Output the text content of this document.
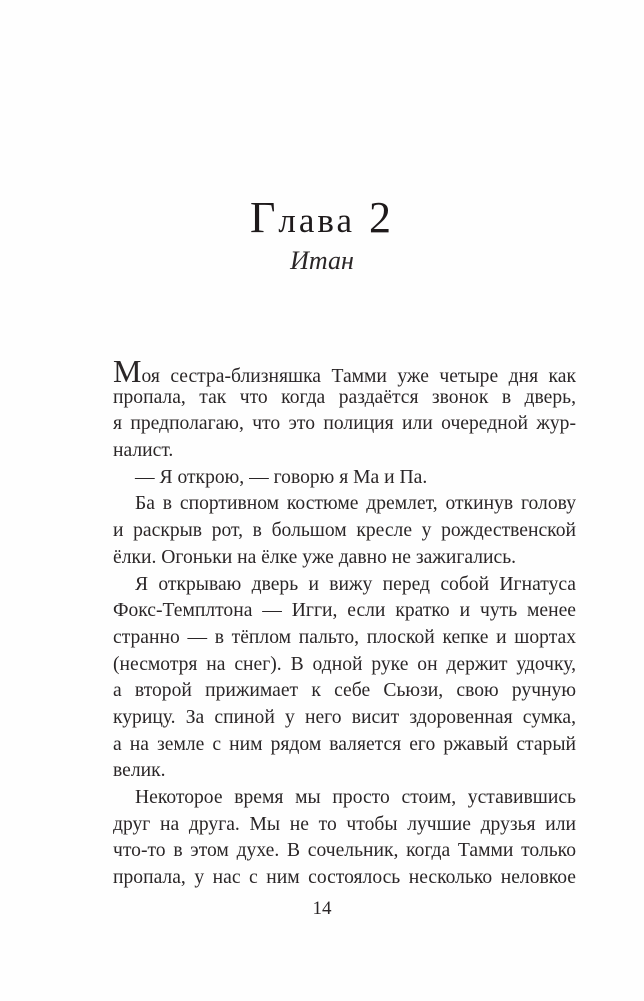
Глава 2
Итан
Моя сестра-близняшка Тамми уже четыре дня как
пропала, так что когда раздаётся звонок в дверь,
я предполагаю, что это полиция или очередной жур-
налист.
— Я открою, — говорю я Ма и Па.
Ба в спортивном костюме дремлет, откинув голову
и раскрыв рот, в большом кресле у рождественской
ёлки. Огоньки на ёлке уже давно не зажигались.
Я открываю дверь и вижу перед собой Игнатуса
Фокс-Темплтона — Игги, если кратко и чуть менее
странно — в тёплом пальто, плоской кепке и шортах
(несмотря на снег). В одной руке он держит удочку,
а второй прижимает к себе Сьюзи, свою ручную
курицу. За спиной у него висит здоровенная сумка,
а на земле с ним рядом валяется его ржавый старый
велик.
Некоторое время мы просто стоим, уставившись
друг на друга. Мы не то чтобы лучшие друзья или
что-то в этом духе. В сочельник, когда Тамми только
пропала, у нас с ним состоялось несколько неловкое
14
